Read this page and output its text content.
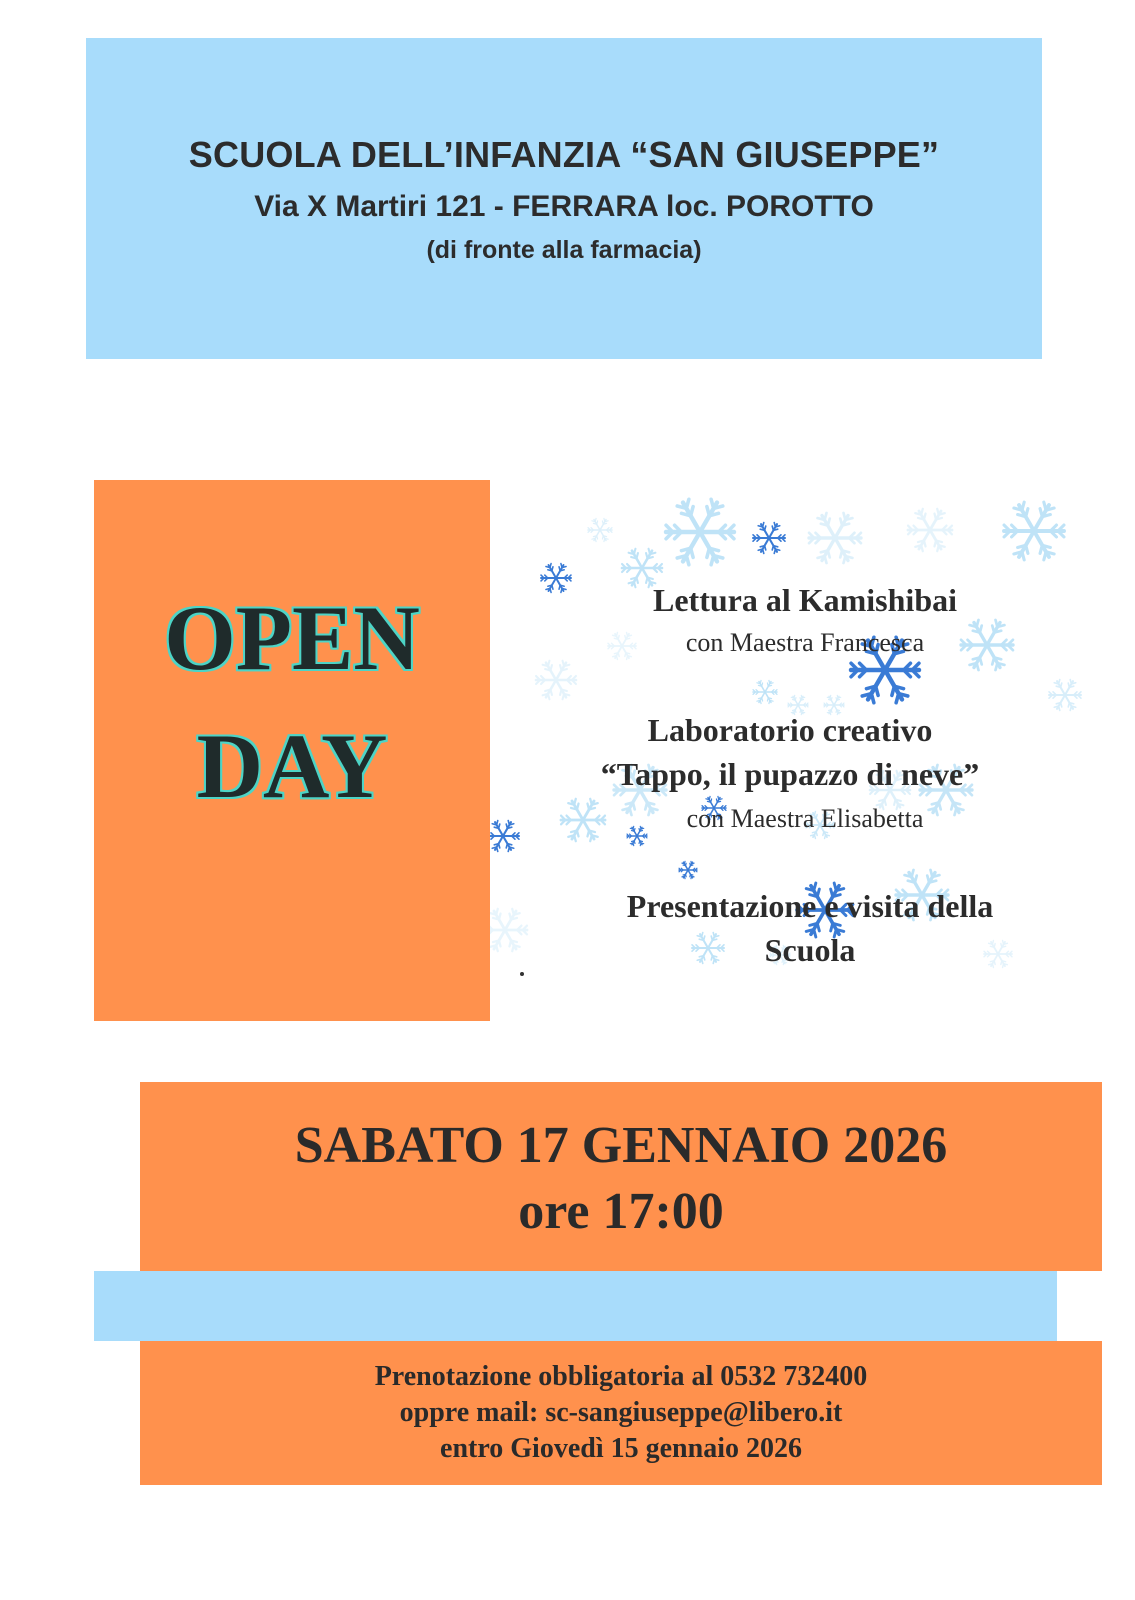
SCUOLA DELL’INFANZIA “SAN GIUSEPPE”
Via X Martiri 121 - FERRARA loc. POROTTO
(di fronte alla farmacia)
OPEN
DAY
Lettura al Kamishibai
con Maestra Francesca
Laboratorio creativo
“Tappo, il pupazzo di neve”
con Maestra Elisabetta
Presentazione e visita della
Scuola
SABATO 17 GENNAIO 2026
ore 17:00
Prenotazione obbligatoria al 0532 732400
oppre mail: sc-sangiuseppe@libero.it
entro Giovedì 15 gennaio 2026
